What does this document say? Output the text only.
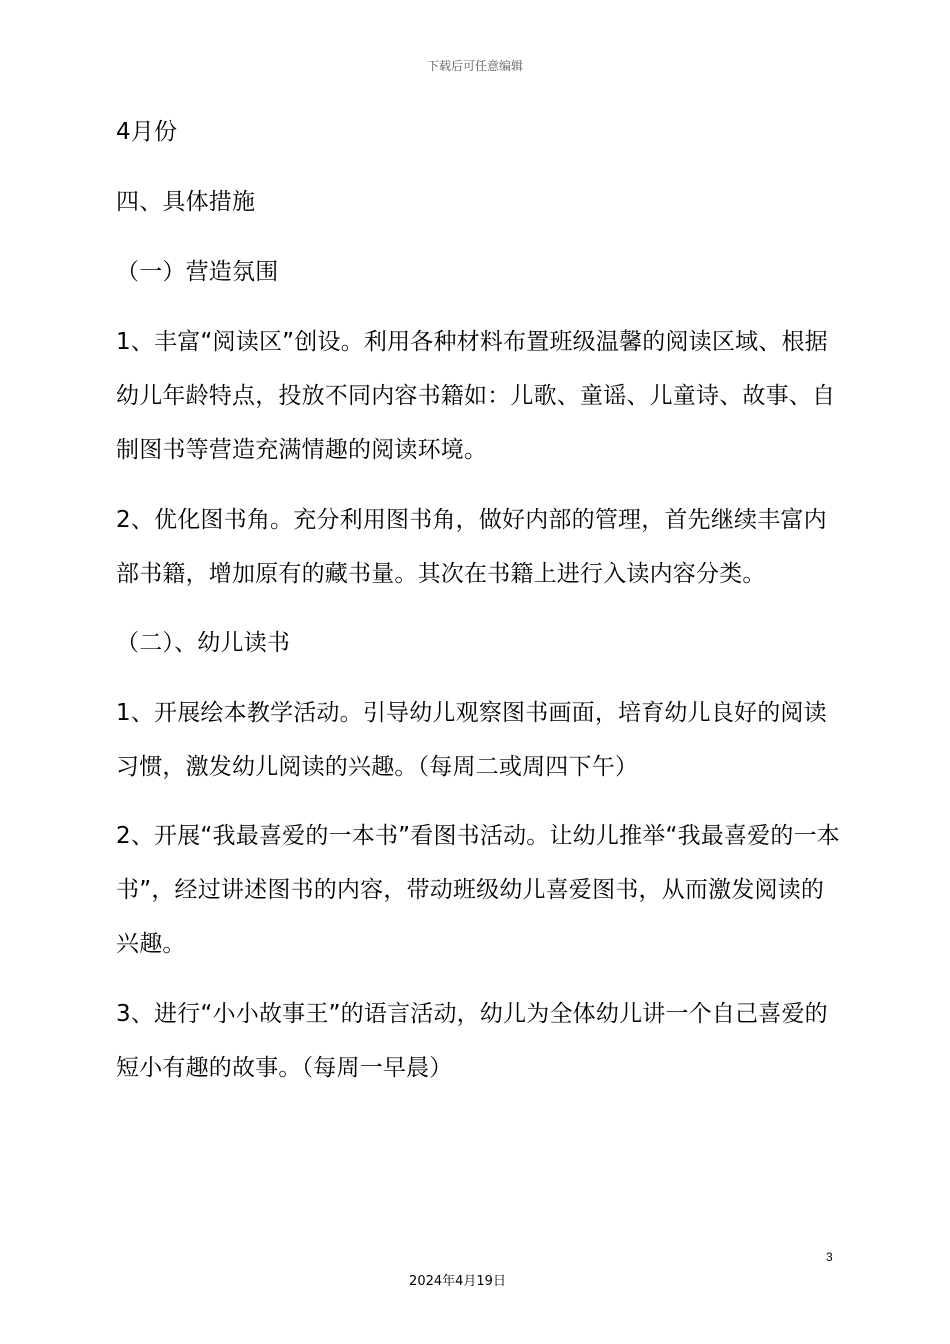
下载后可任意编辑
4月份
四、具体措施
（一）营造氛围
1、丰富“阅读区”创设。利用各种材料布置班级温馨的阅读区域、根据
幼儿年龄特点，投放不同内容书籍如：儿歌、童谣、儿童诗、故事、自
制图书等营造充满情趣的阅读环境。
2、优化图书角。充分利用图书角，做好内部的管理，首先继续丰富内
部书籍，增加原有的藏书量。其次在书籍上进行入读内容分类。
（二）、幼儿读书
1、开展绘本教学活动。引导幼儿观察图书画面，培育幼儿良好的阅读
习惯，激发幼儿阅读的兴趣。（每周二或周四下午）
2、开展“我最喜爱的一本书”看图书活动。让幼儿推举“我最喜爱的一本
书”，经过讲述图书的内容，带动班级幼儿喜爱图书，从而激发阅读的
兴趣。
3、进行“小小故事王”的语言活动，幼儿为全体幼儿讲一个自己喜爱的
短小有趣的故事。（每周一早晨）
3
2024年4月19日
